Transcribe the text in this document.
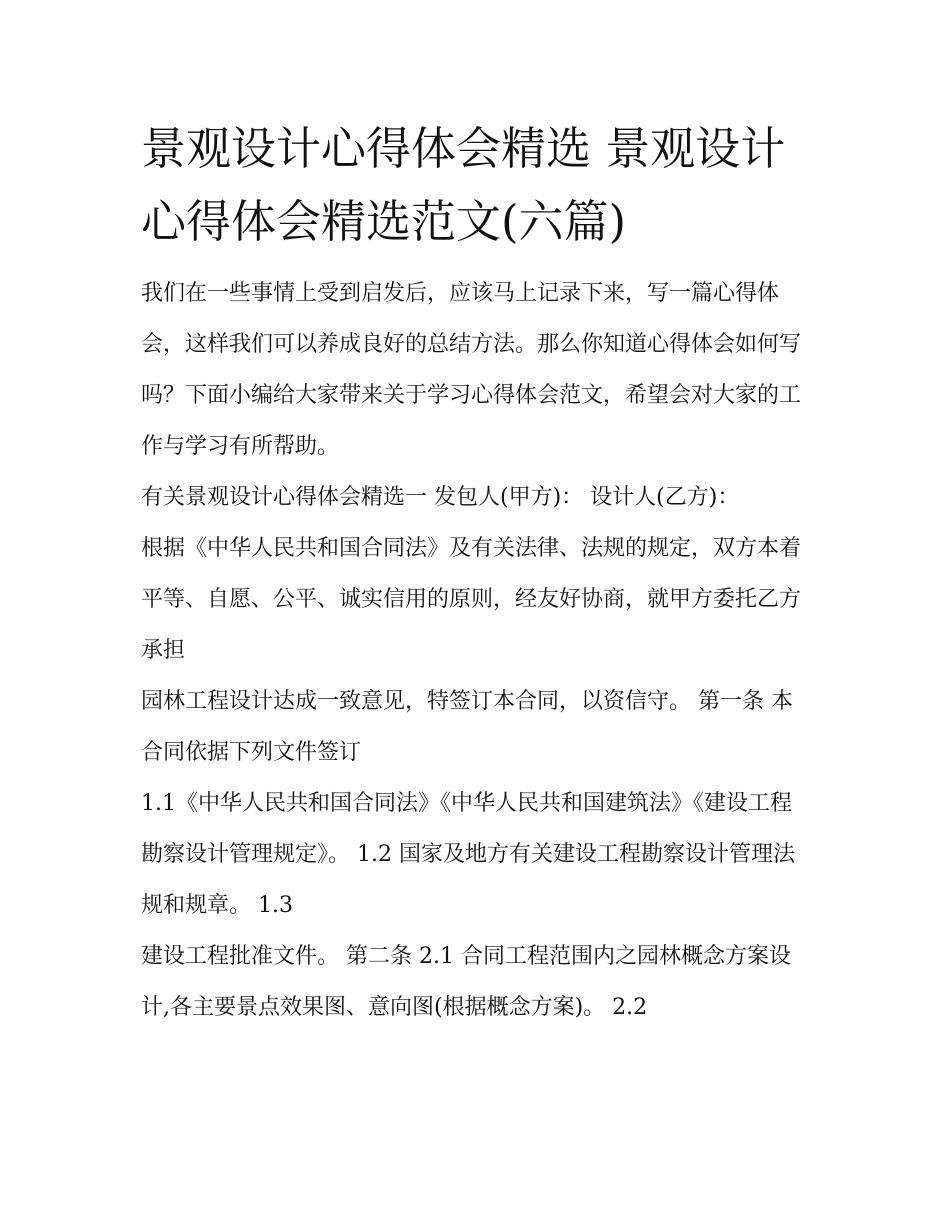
景观设计心得体会精选 景观设计心得体会精选范文(六篇)

我们在一些事情上受到启发后，应该马上记录下来，写一篇心得体会，这样我们可以养成良好的总结方法。那么你知道心得体会如何写吗？下面小编给大家带来关于学习心得体会范文，希望会对大家的工作与学习有所帮助。

有关景观设计心得体会精选一 发包人(甲方)： 设计人(乙方)：

根据《中华人民共和国合同法》及有关法律、法规的规定，双方本着平等、自愿、公平、诚实信用的原则，经友好协商，就甲方委托乙方承担

园林工程设计达成一致意见，特签订本合同，以资信守。 第一条 本合同依据下列文件签订

1.1《中华人民共和国合同法》《中华人民共和国建筑法》《建设工程勘察设计管理规定》。 1.2 国家及地方有关建设工程勘察设计管理法规和规章。 1.3

建设工程批准文件。 第二条 2.1 合同工程范围内之园林概念方案设计,各主要景点效果图、意向图(根据概念方案)。 2.2
